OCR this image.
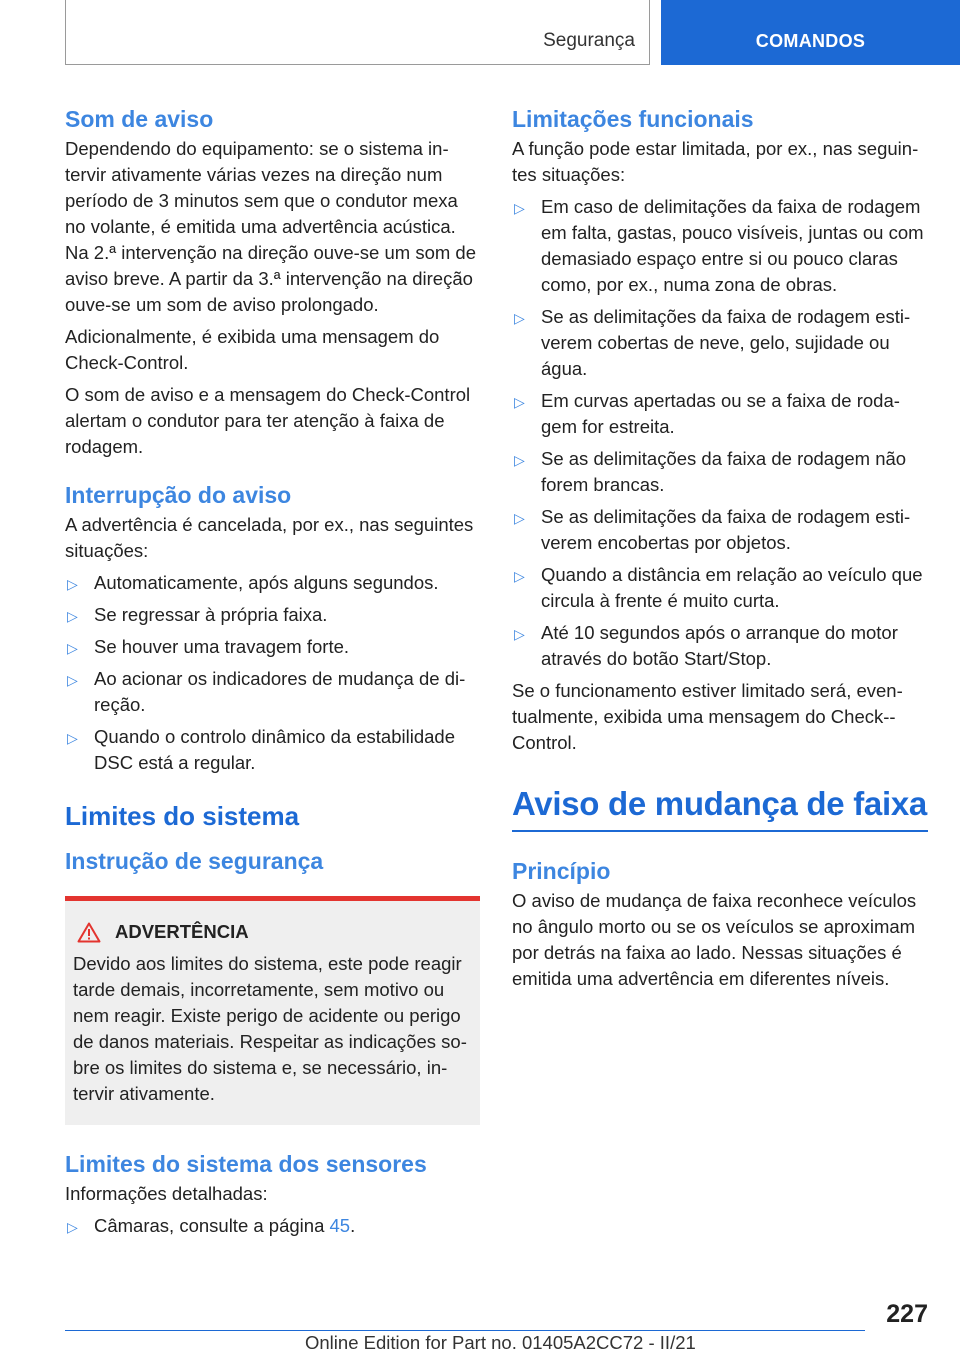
Segurança	COMANDOS
Som de aviso

Dependendo do equipamento: se o sistema intervir ativamente várias vezes na direção num período de 3 minutos sem que o condutor mexa no volante, é emitida uma advertência acústica. Na 2.ª intervenção na direção ouve-se um som de aviso breve. A partir da 3.ª intervenção na direção ouve-se um som de aviso prolongado.

Adicionalmente, é exibida uma mensagem do Check-Control.

O som de aviso e a mensagem do Check-Control alertam o condutor para ter atenção à faixa de rodagem.

Interrupção do aviso

A advertência é cancelada, por ex., nas seguintes situações:

▷ Automaticamente, após alguns segundos.
▷ Se regressar à própria faixa.
▷ Se houver uma travagem forte.
▷ Ao acionar os indicadores de mudança de direção.
▷ Quando o controlo dinâmico da estabilidade DSC está a regular.
Limites do sistema
Instrução de segurança
ADVERTÊNCIA

Devido aos limites do sistema, este pode reagir tarde demais, incorretamente, sem motivo ou nem reagir. Existe perigo de acidente ou perigo de danos materiais. Respeitar as indicações sobre os limites do sistema e, se necessário, intervir ativamente.

Limites do sistema dos sensores

Informações detalhadas:

▷ Câmaras, consulte a página 45.
Limitações funcionais

A função pode estar limitada, por ex., nas seguintes situações:

▷ Em caso de delimitações da faixa de rodagem em falta, gastas, pouco visíveis, juntas ou com demasiado espaço entre si ou pouco claras como, por ex., numa zona de obras.
▷ Se as delimitações da faixa de rodagem estiverem cobertas de neve, gelo, sujidade ou água.
▷ Em curvas apertadas ou se a faixa de rodagem for estreita.
▷ Se as delimitações da faixa de rodagem não forem brancas.
▷ Se as delimitações da faixa de rodagem estiverem encobertas por objetos.
▷ Quando a distância em relação ao veículo que circula à frente é muito curta.
▷ Até 10 segundos após o arranque do motor através do botão Start/Stop.

Se o funcionamento estiver limitado será, eventualmente, exibida uma mensagem do Check-Control.

Aviso de mudança de faixa
Princípio

O aviso de mudança de faixa reconhece veículos no ângulo morto ou se os veículos se aproximam por detrás na faixa ao lado. Nessas situações é emitida uma advertência em diferentes níveis.

227
Online Edition for Part no. 01405A2CC72 - II/21
